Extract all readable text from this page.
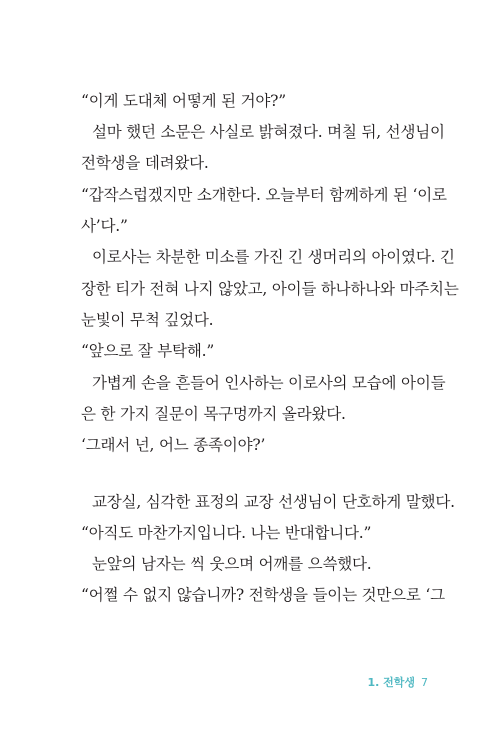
“이게 도대체 어떻게 된 거야?”
설마 했던 소문은 사실로 밝혀졌다. 며칠 뒤, 선생님이
전학생을 데려왔다.
“갑작스럽겠지만 소개한다. 오늘부터 함께하게 된 ‘이로
사’다.”
이로사는 차분한 미소를 가진 긴 생머리의 아이였다. 긴
장한 티가 전혀 나지 않았고, 아이들 하나하나와 마주치는
눈빛이 무척 깊었다.
“앞으로 잘 부탁해.”
가볍게 손을 흔들어 인사하는 이로사의 모습에 아이들
은 한 가지 질문이 목구멍까지 올라왔다.
‘그래서 넌, 어느 종족이야?’
교장실, 심각한 표정의 교장 선생님이 단호하게 말했다.
“아직도 마찬가지입니다. 나는 반대합니다.”
눈앞의 남자는 씩 웃으며 어깨를 으쓱했다.
“어쩔 수 없지 않습니까? 전학생을 들이는 것만으로 ‘그
1. 전학생 7
